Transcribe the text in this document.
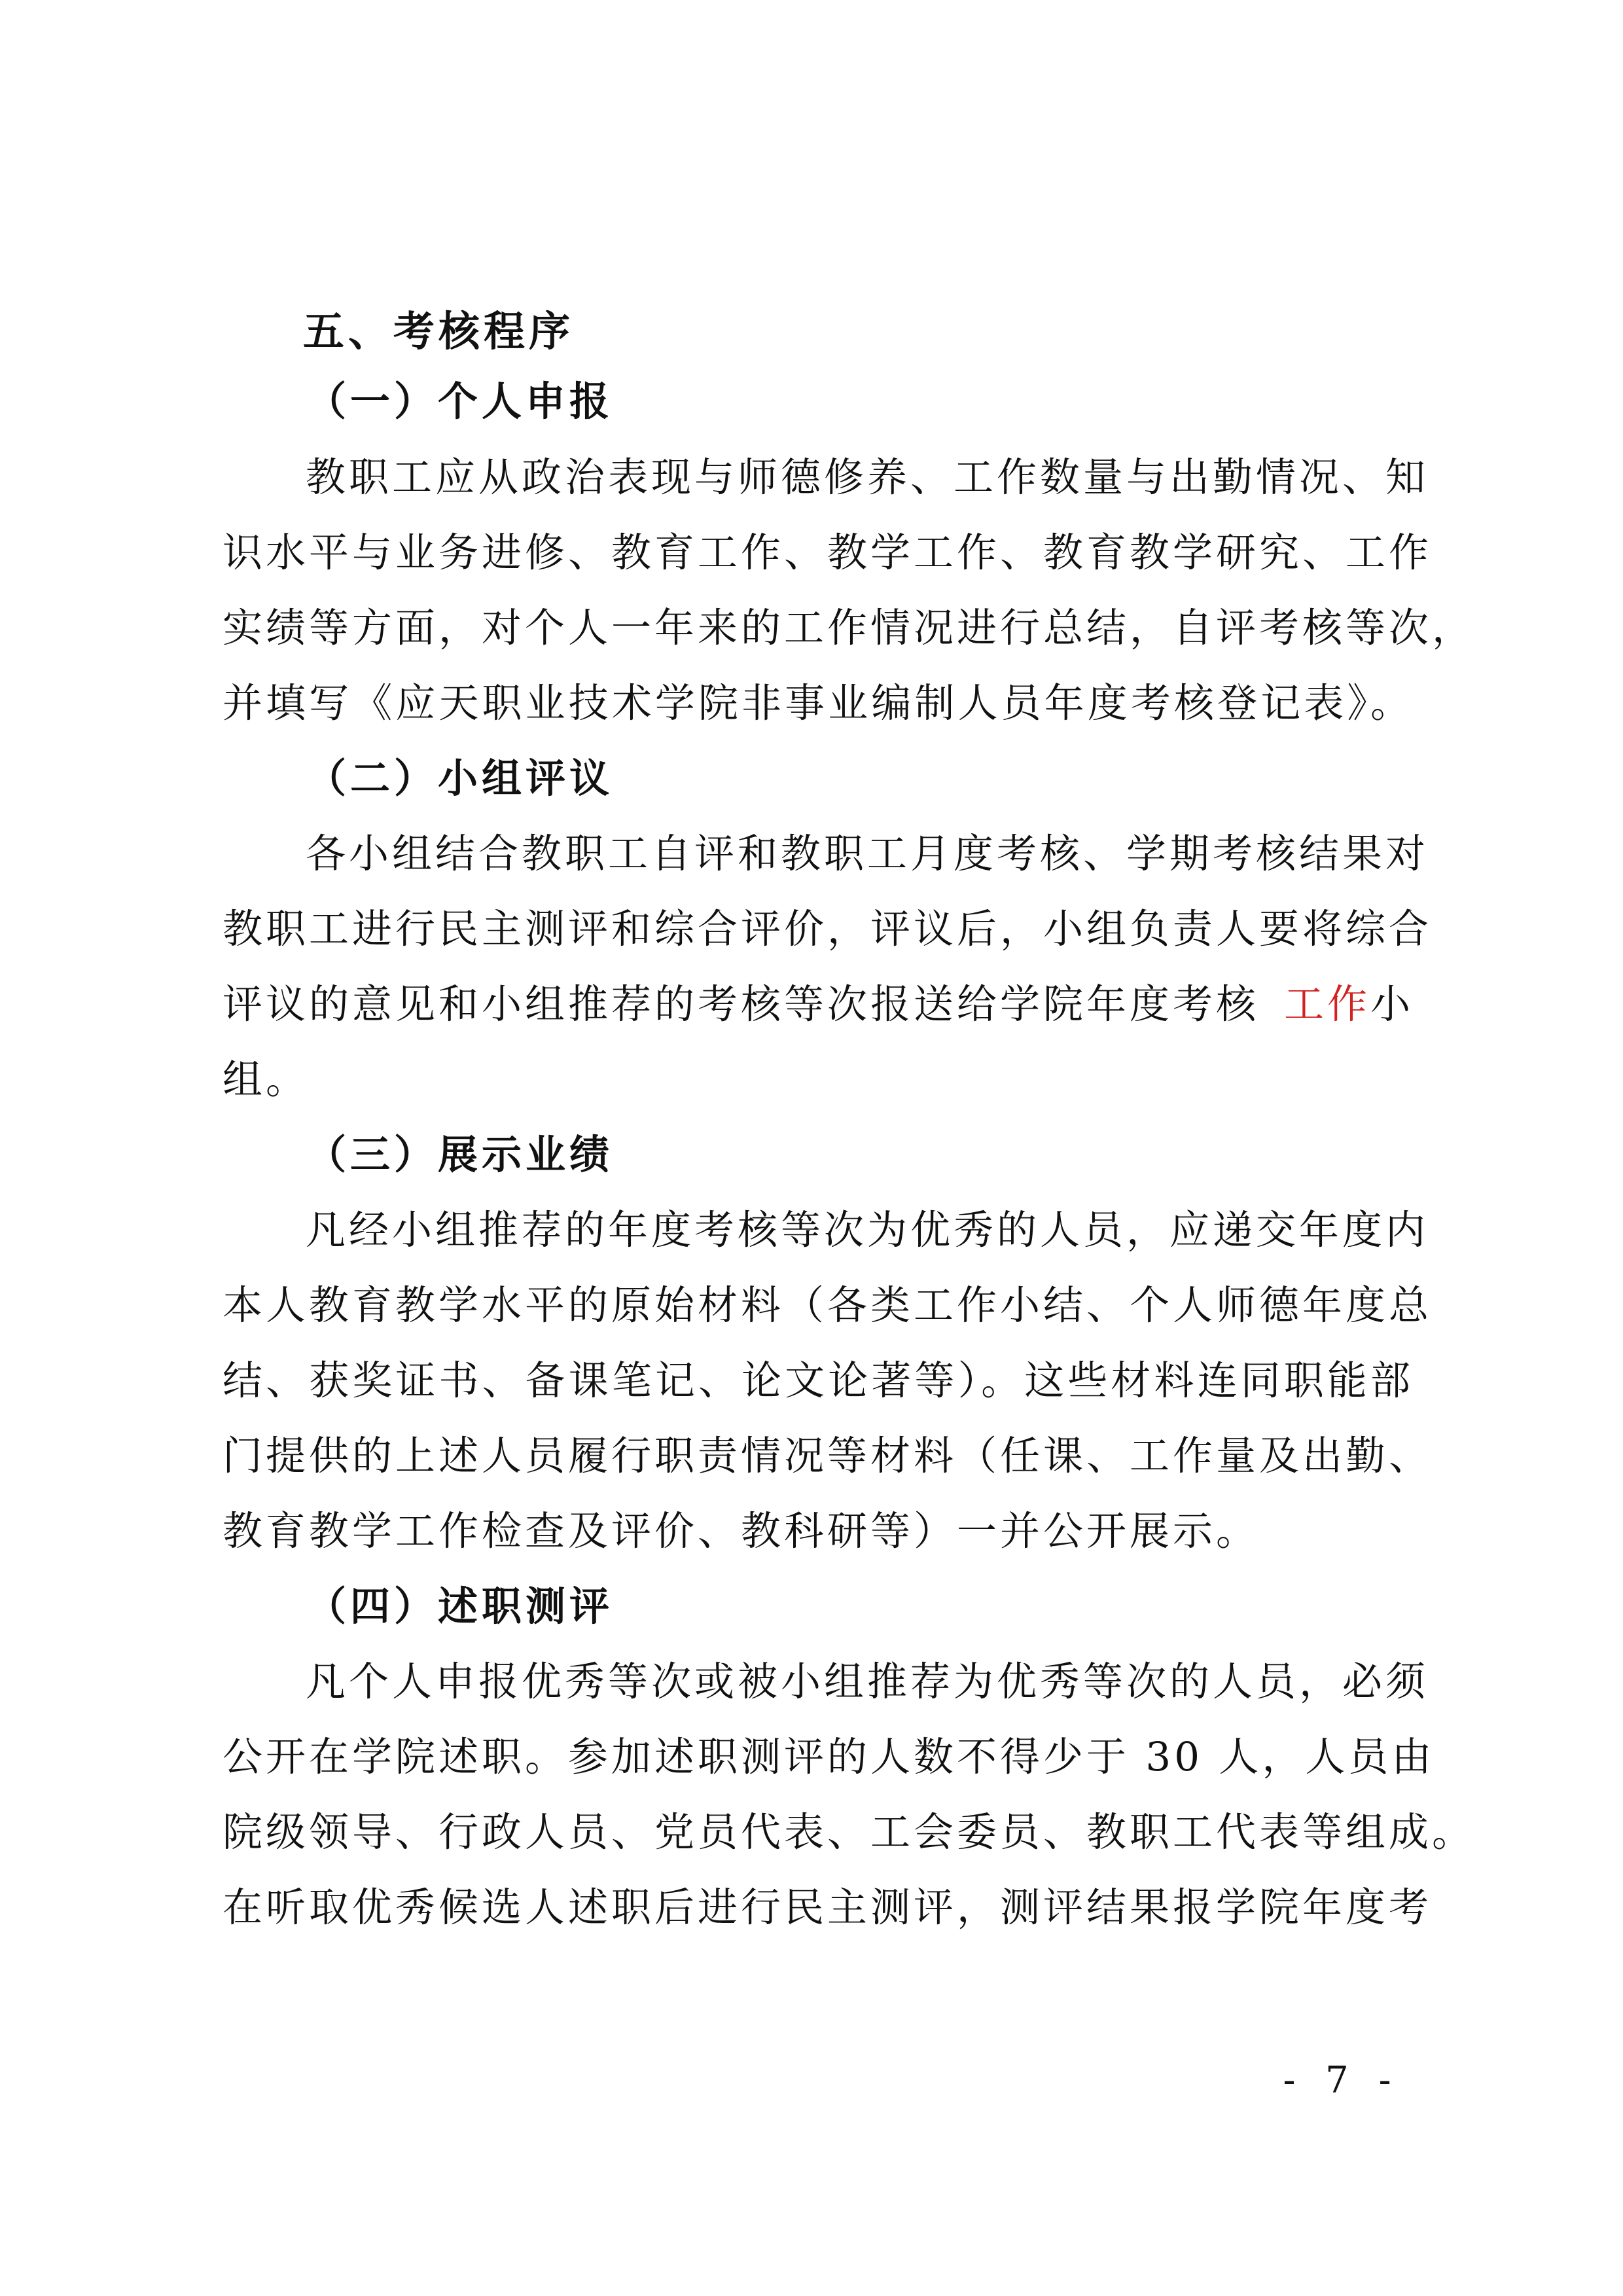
五、考核程序
（一）个人申报
教职工应从政治表现与师德修养、工作数量与出勤情况、知
识水平与业务进修、教育工作、教学工作、教育教学研究、工作
实绩等方面，对个人一年来的工作情况进行总结，自评考核等次，
并填写《应天职业技术学院非事业编制人员年度考核登记表》。
（二）小组评议
各小组结合教职工自评和教职工月度考核、学期考核结果对
教职工进行民主测评和综合评价，评议后，小组负责人要将综合
评议的意见和小组推荐的考核等次报送给学院年度考核 工作 小
组。
（三）展示业绩
凡经小组推荐的年度考核等次为优秀的人员，应递交年度内
本人教育教学水平的原始材料（各类工作小结、个人师德年度总
结、获奖证书、备课笔记、论文论著等）。这些材料连同职能部
门提供的上述人员履行职责情况等材料（任课、工作量及出勤、
教育教学工作检查及评价、教科研等）一并公开展示。
（四）述职测评
凡个人申报优秀等次或被小组推荐为优秀等次的人员，必须
公开在学院述职。参加述职测评的人数不得少于 30 人，人员由
院级领导、行政人员、党员代表、工会委员、教职工代表等组成。
在听取优秀候选人述职后进行民主测评，测评结果报学院年度考
- 7 -
